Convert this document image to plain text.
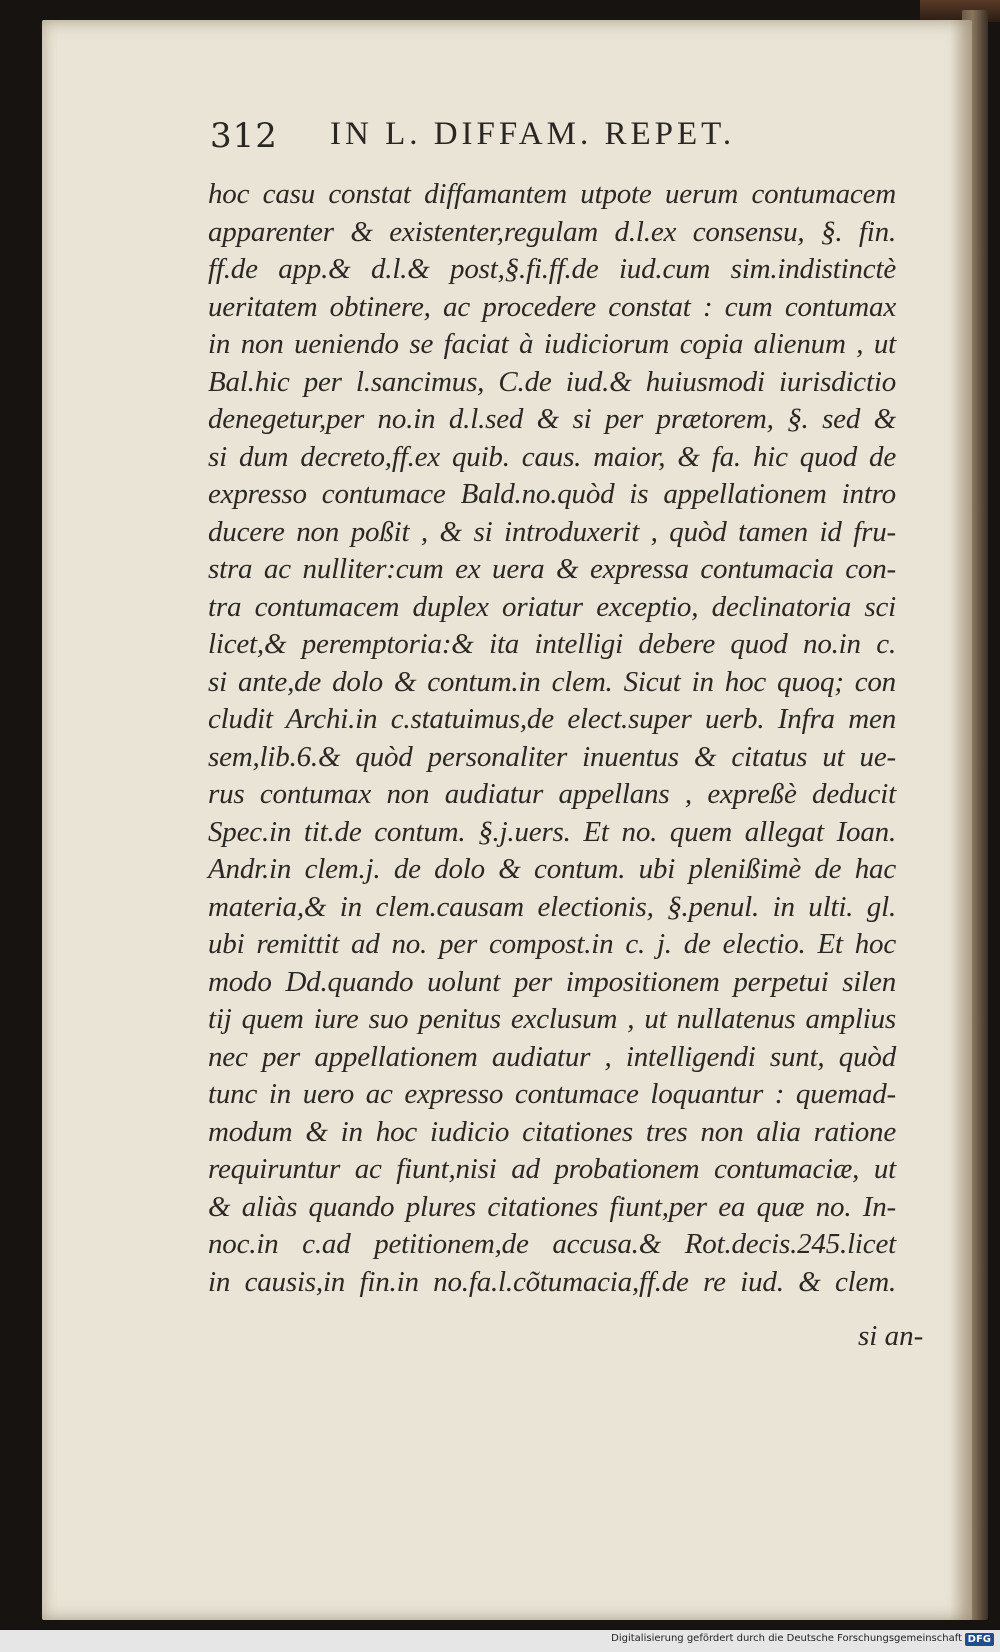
312 IN L. DIFFAM. REPET.
hoc casu constat diffamantem utpote uerum contumacem
apparenter & existenter,regulam d.l.ex consensu, §. fin.
ff.de app.& d.l.& post,§.fi.ff.de iud.cum sim.indistinctè
ueritatem obtinere, ac procedere constat : cum contumax
in non ueniendo se faciat à iudiciorum copia alienum , ut
Bal.hic per l.sancimus, C.de iud.& huiusmodi iurisdictio
denegetur,per no.in d.l.sed & si per prætorem, §. sed &
si dum decreto,ff.ex quib. caus. maior, & fa. hic quod de
expresso contumace Bald.no.quòd is appellationem intro
ducere non poßit , & si introduxerit , quòd tamen id fru-
stra ac nulliter:cum ex uera & expressa contumacia con-
tra contumacem duplex oriatur exceptio, declinatoria sci
licet,& peremptoria:& ita intelligi debere quod no.in c.
si ante,de dolo & contum.in clem. Sicut in hoc quoq; con
cludit Archi.in c.statuimus,de elect.super uerb. Infra men
sem,lib.6.& quòd personaliter inuentus & citatus ut ue-
rus contumax non audiatur appellans , expreßè deducit
Spec.in tit.de contum. §.j.uers. Et no. quem allegat Ioan.
Andr.in clem.j. de dolo & contum. ubi plenißimè de hac
materia,& in clem.causam electionis, §.penul. in ulti. gl.
ubi remittit ad no. per compost.in c. j. de electio. Et hoc
modo Dd.quando uolunt per impositionem perpetui silen
tij quem iure suo penitus exclusum , ut nullatenus amplius
nec per appellationem audiatur , intelligendi sunt, quòd
tunc in uero ac expresso contumace loquantur : quemad-
modum & in hoc iudicio citationes tres non alia ratione
requiruntur ac fiunt,nisi ad probationem contumaciæ, ut
& aliàs quando plures citationes fiunt,per ea quæ no. In-
noc.in c.ad petitionem,de accusa.& Rot.decis.245.licet
in causis,in fin.in no.fa.l.cõtumacia,ff.de re iud. & clem.
si an-
Digitalisierung gefördert durch die Deutsche Forschungsgemeinschaft DFG
